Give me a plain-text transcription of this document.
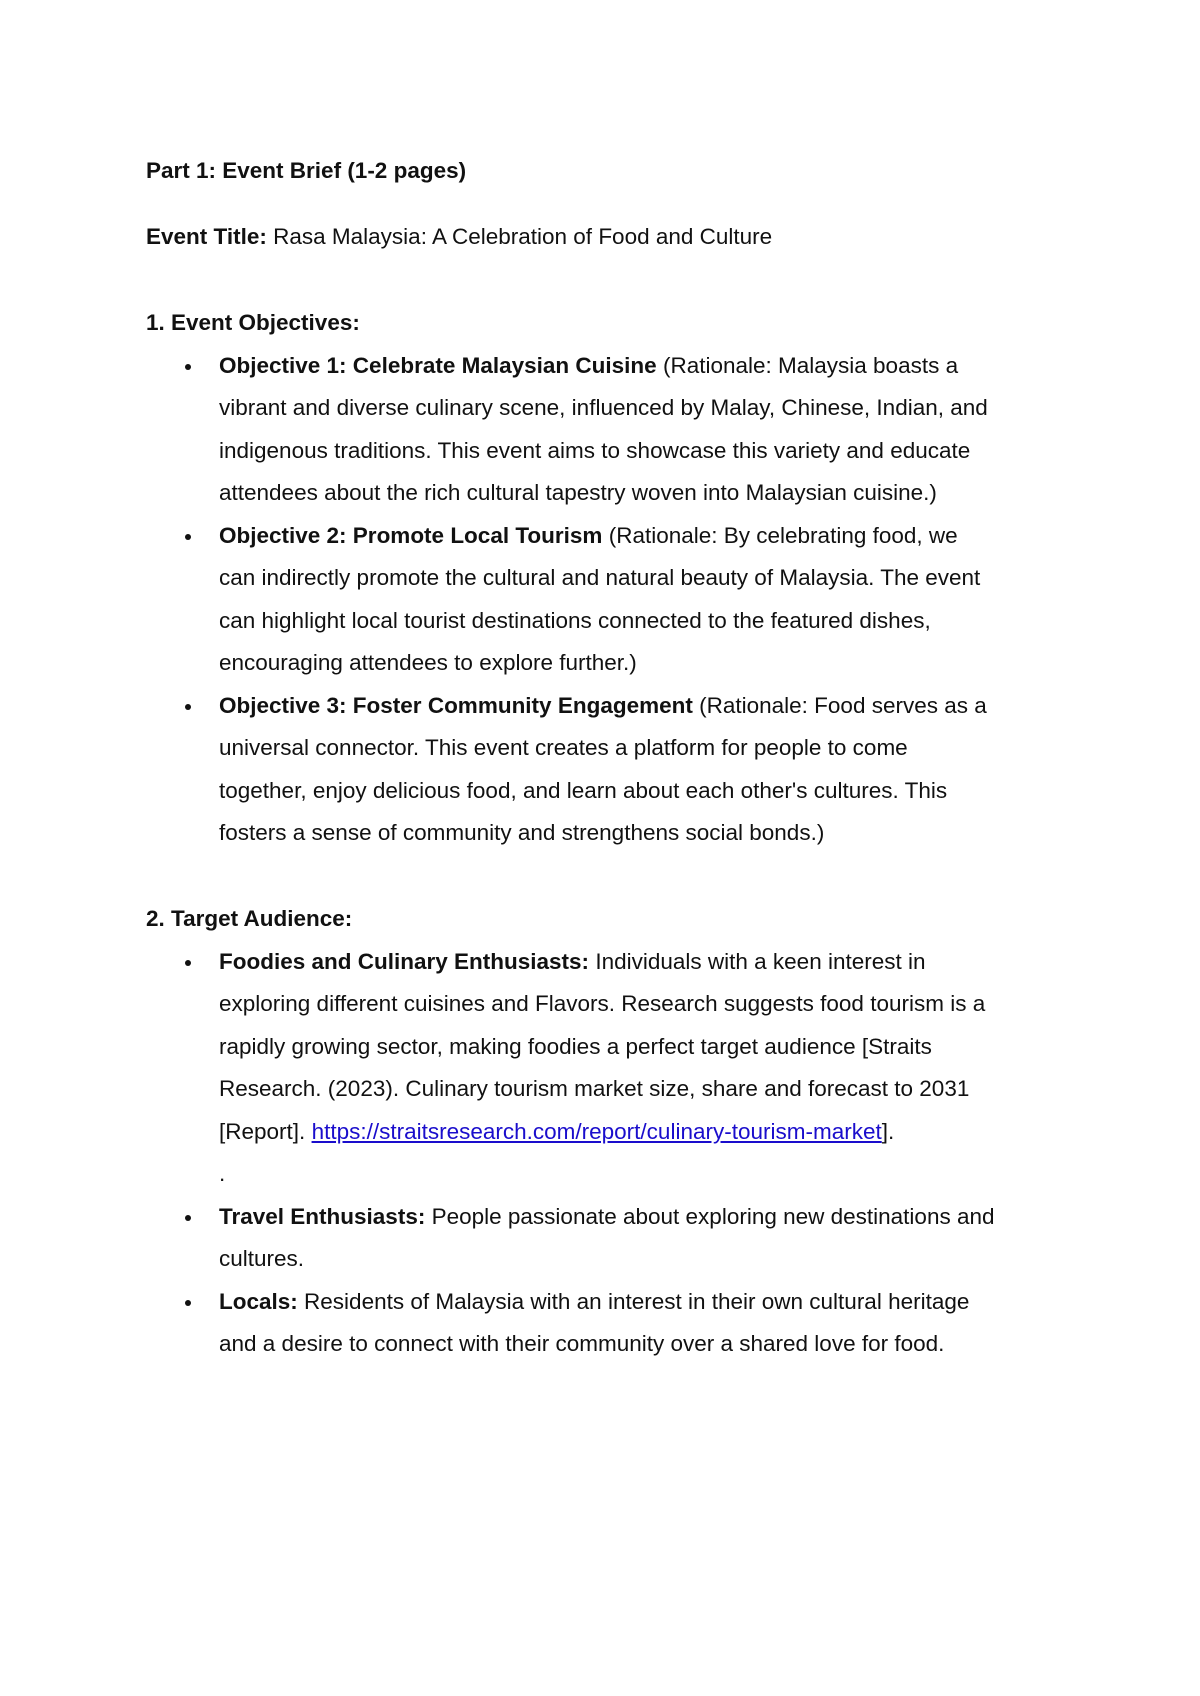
Part 1: Event Brief (1-2 pages)
Event Title: Rasa Malaysia: A Celebration of Food and Culture
1. Event Objectives:
Objective 1: Celebrate Malaysian Cuisine (Rationale: Malaysia boasts a
vibrant and diverse culinary scene, influenced by Malay, Chinese, Indian, and
indigenous traditions. This event aims to showcase this variety and educate
attendees about the rich cultural tapestry woven into Malaysian cuisine.)
Objective 2: Promote Local Tourism (Rationale: By celebrating food, we
can indirectly promote the cultural and natural beauty of Malaysia. The event
can highlight local tourist destinations connected to the featured dishes,
encouraging attendees to explore further.)
Objective 3: Foster Community Engagement (Rationale: Food serves as a
universal connector. This event creates a platform for people to come
together, enjoy delicious food, and learn about each other's cultures. This
fosters a sense of community and strengthens social bonds.)
2. Target Audience:
Foodies and Culinary Enthusiasts: Individuals with a keen interest in
exploring different cuisines and Flavors. Research suggests food tourism is a
rapidly growing sector, making foodies a perfect target audience [Straits
Research. (2023). Culinary tourism market size, share and forecast to 2031
[Report]. https://straitsresearch.com/report/culinary-tourism-market].
.
Travel Enthusiasts: People passionate about exploring new destinations and
cultures.
Locals: Residents of Malaysia with an interest in their own cultural heritage
and a desire to connect with their community over a shared love for food.
